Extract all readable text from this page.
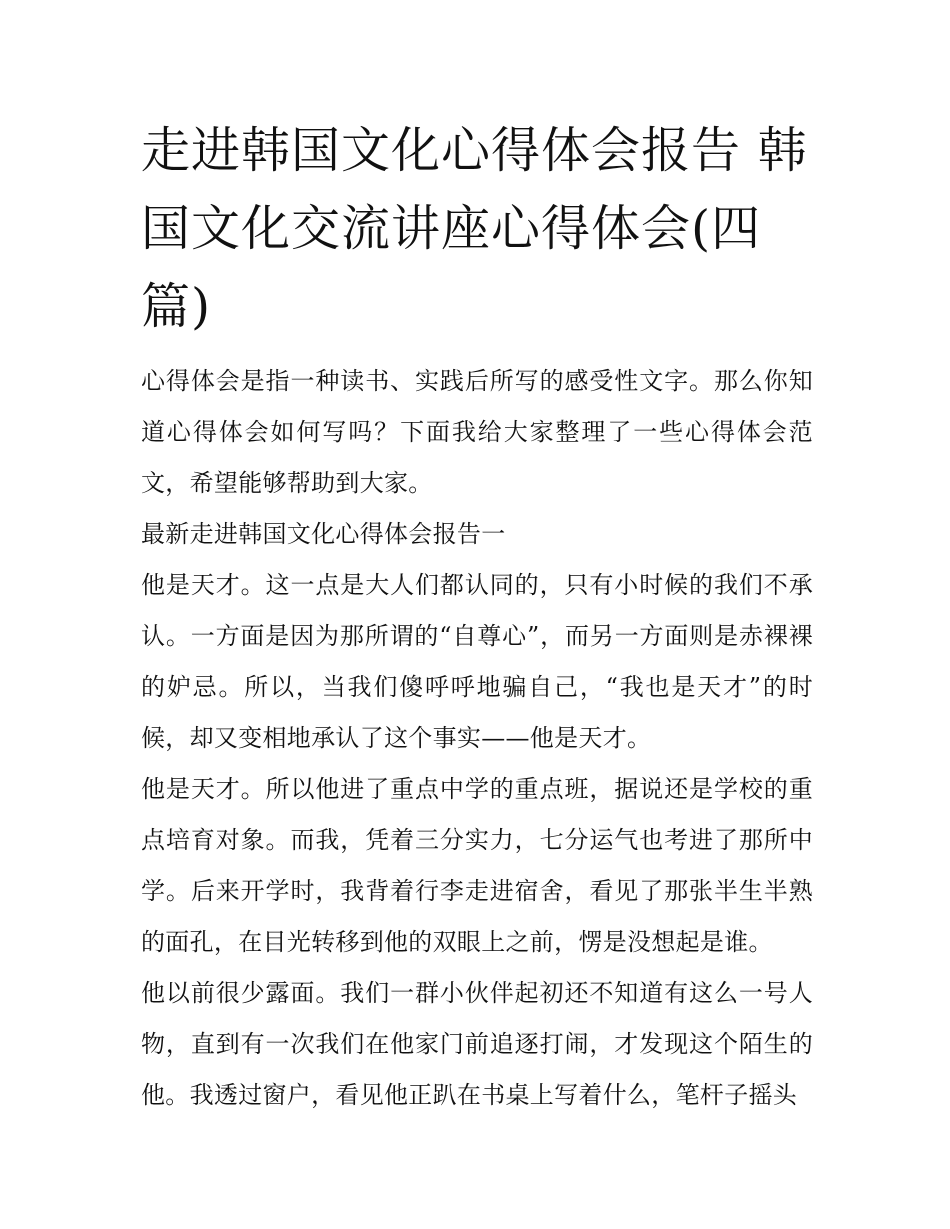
走进韩国文化心得体会报告 韩国文化交流讲座心得体会(四篇)

心得体会是指一种读书、实践后所写的感受性文字。那么你知道心得体会如何写吗？下面我给大家整理了一些心得体会范文，希望能够帮助到大家。

最新走进韩国文化心得体会报告一

他是天才。这一点是大人们都认同的，只有小时候的我们不承认。一方面是因为那所谓的“自尊心”，而另一方面则是赤裸裸的妒忌。所以，当我们傻呼呼地骗自己，“我也是天才”的时候，却又变相地承认了这个事实——他是天才。

他是天才。所以他进了重点中学的重点班，据说还是学校的重点培育对象。而我，凭着三分实力，七分运气也考进了那所中学。后来开学时，我背着行李走进宿舍，看见了那张半生半熟的面孔，在目光转移到他的双眼上之前，愣是没想起是谁。

他以前很少露面。我们一群小伙伴起初还不知道有这么一号人物，直到有一次我们在他家门前追逐打闹，才发现这个陌生的他。我透过窗户，看见他正趴在书桌上写着什么，笔杆子摇头
